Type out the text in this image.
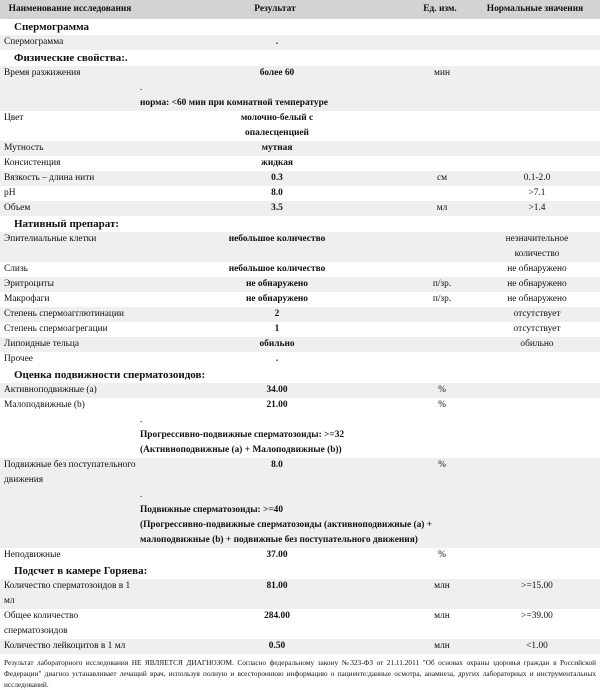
Наименование исследования	Результат	Ед. изм.	Нормальные значения
Спермограмма			
Спермограмма	.		
Физические свойства:.			
Время разжижения	более 60	мин	
	.		
	норма: <60 мин при комнатной температуре		
Цвет	молочно-белый с		
	опалесценцией		
Мутность	мутная		
Консистенция	жидкая		
Вязкость – длина нити	0.3	см	0.1-2.0
pH	8.0		>7.1
Объем	3.5	мл	>1.4
Нативный препарат:			
Эпителиальные клетки	небольшое количество		незначительное
			количество
Слизь	небольшое количество		не обнаружено
Эритроциты	не обнаружено	п/зр.	не обнаружено
Макрофаги	не обнаружено	п/зр.	не обнаружено
Степень спермоагглютинации	2		отсутствует
Степень спермоагрегации	1		отсутствует
Липоидные тельца	обильно		обильно
Прочее	.		
Оценка подвижности сперматозоидов:			
Активноподвижные (a)	34.00	%	
Малоподвижные (b)	21.00	%	
	.		
	Прогрессивно-подвижные сперматозоиды: >=32		
	(Активноподвижные (a) + Малоподвижные (b))		
Подвижные без поступательного	8.0	%	
движения			
	.		
	Подвижные сперматозоиды: >=40		
	(Прогрессивно-подвижные сперматозоиды (активноподвижные (a) +		
	малоподвижные (b) + подвижные без поступательного движения)		
Неподвижные	37.00	%	
Подсчет в камере Горяева:			
Количество сперматозоидов в 1 мл	81.00	млн	>=15.00
Общее количество сперматозоидов	284.00	млн	>=39.00
Количество лейкоцитов в 1 мл	0.50	млн	<1.00
Результат лабораторного исследования НЕ ЯВЛЯЕТСЯ ДИАГНОЗОМ. Согласно федеральному закону №323-ФЗ от 21.11.2011 "Об основах охраны здоровья граждан в Российской Федерации" диагноз устанавливает лечащий врач, используя полную и всестороннюю информацию о пациенте:данные осмотра, анамнеза, других лабораторных и инструментальных исследований.
